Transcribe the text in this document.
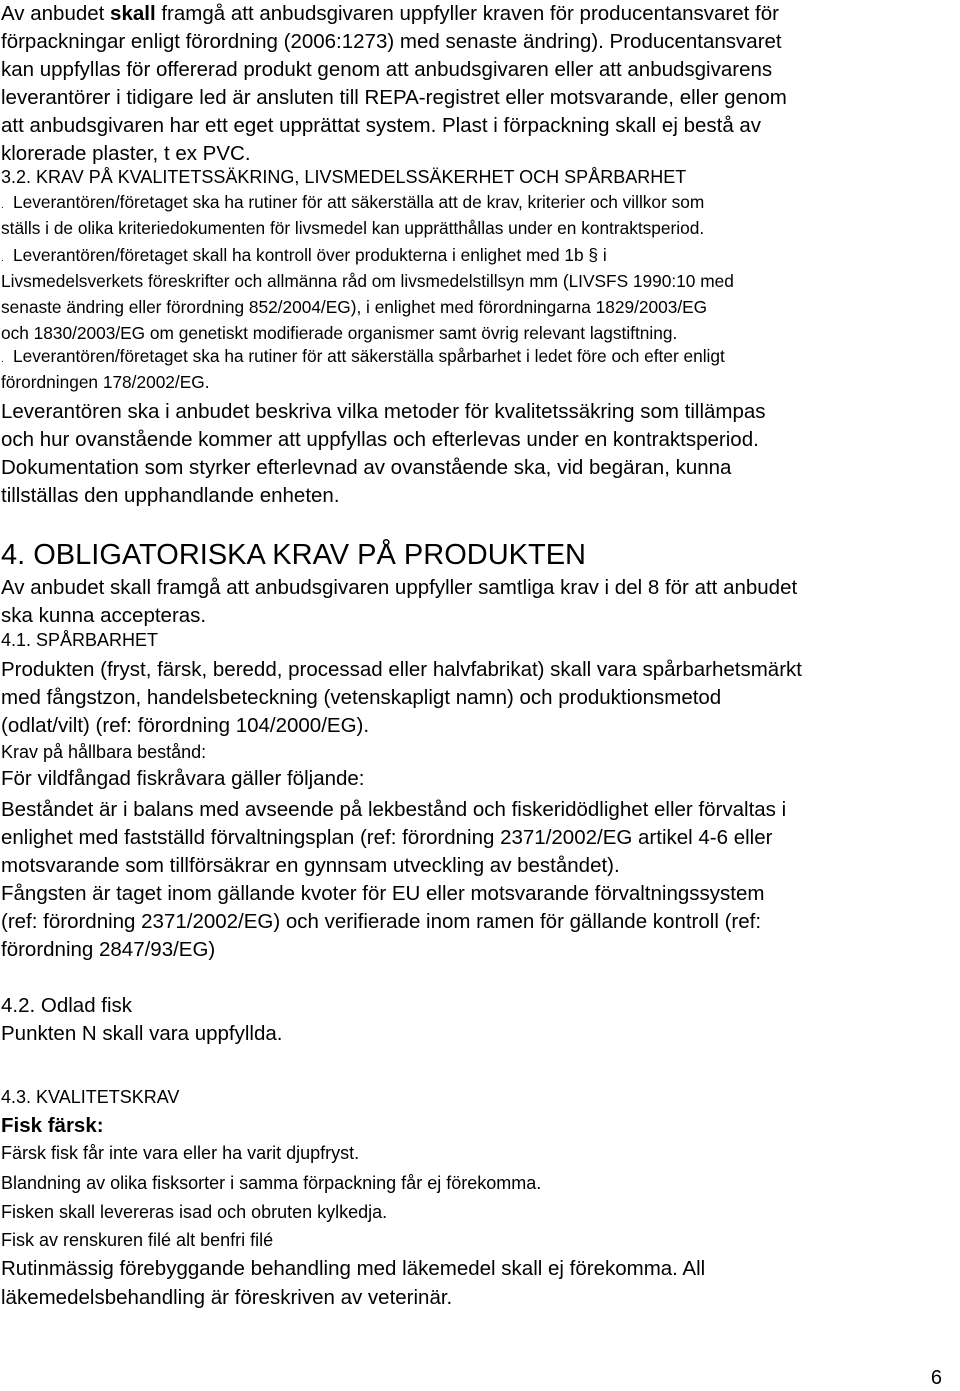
Av anbudet skall framgå att anbudsgivaren uppfyller kraven för producentansvaret för

förpackningar enligt förordning (2006:1273) med senaste ändring). Producentansvaret

kan uppfyllas för offererad produkt genom att anbudsgivaren eller att anbudsgivarens

leverantörer i tidigare led är ansluten till REPA-registret eller motsvarande, eller genom

att anbudsgivaren har ett eget upprättat system. Plast i förpackning skall ej bestå av

klorerade plaster, t ex PVC.

3.2. KRAV PÅ KVALITETSSÄKRING, LIVSMEDELSSÄKERHET OCH SPÅRBARHET

. Leverantören/företaget ska ha rutiner för att säkerställa att de krav, kriterier och villkor som

ställs i de olika kriteriedokumenten för livsmedel kan upprätthållas under en kontraktsperiod.

. Leverantören/företaget skall ha kontroll över produkterna i enlighet med 1b § i

Livsmedelsverkets föreskrifter och allmänna råd om livsmedelstillsyn mm (LIVSFS 1990:10 med

senaste ändring eller förordning 852/2004/EG), i enlighet med förordningarna 1829/2003/EG

och 1830/2003/EG om genetiskt modifierade organismer samt övrig relevant lagstiftning.

. Leverantören/företaget ska ha rutiner för att säkerställa spårbarhet i ledet före och efter enligt

förordningen 178/2002/EG.

Leverantören ska i anbudet beskriva vilka metoder för kvalitetssäkring som tillämpas

och hur ovanstående kommer att uppfyllas och efterlevas under en kontraktsperiod.

Dokumentation som styrker efterlevnad av ovanstående ska, vid begäran, kunna

tillställas den upphandlande enheten.

4. OBLIGATORISKA KRAV PÅ PRODUKTEN

Av anbudet skall framgå att anbudsgivaren uppfyller samtliga krav i del 8 för att anbudet

ska kunna accepteras.

4.1. SPÅRBARHET

Produkten (fryst, färsk, beredd, processad eller halvfabrikat) skall vara spårbarhetsmärkt

med fångstzon, handelsbeteckning (vetenskapligt namn) och produktionsmetod

(odlat/vilt) (ref: förordning 104/2000/EG).

Krav på hållbara bestånd:

För vildfångad fiskråvara gäller följande:

Beståndet är i balans med avseende på lekbestånd och fiskeridödlighet eller förvaltas i

enlighet med fastställd förvaltningsplan (ref: förordning 2371/2002/EG artikel 4-6 eller

motsvarande som tillförsäkrar en gynnsam utveckling av beståndet).

Fångsten är taget inom gällande kvoter för EU eller motsvarande förvaltningssystem

(ref: förordning 2371/2002/EG) och verifierade inom ramen för gällande kontroll (ref:

förordning 2847/93/EG)

4.2. Odlad fisk

Punkten N skall vara uppfyllda.

4.3. KVALITETSKRAV

Fisk färsk:

Färsk fisk får inte vara eller ha varit djupfryst.

Blandning av olika fisksorter i samma förpackning får ej förekomma.

Fisken skall levereras isad och obruten kylkedja.

Fisk av renskuren filé alt benfri filé

Rutinmässig förebyggande behandling med läkemedel skall ej förekomma. All

läkemedelsbehandling är föreskriven av veterinär.

6
